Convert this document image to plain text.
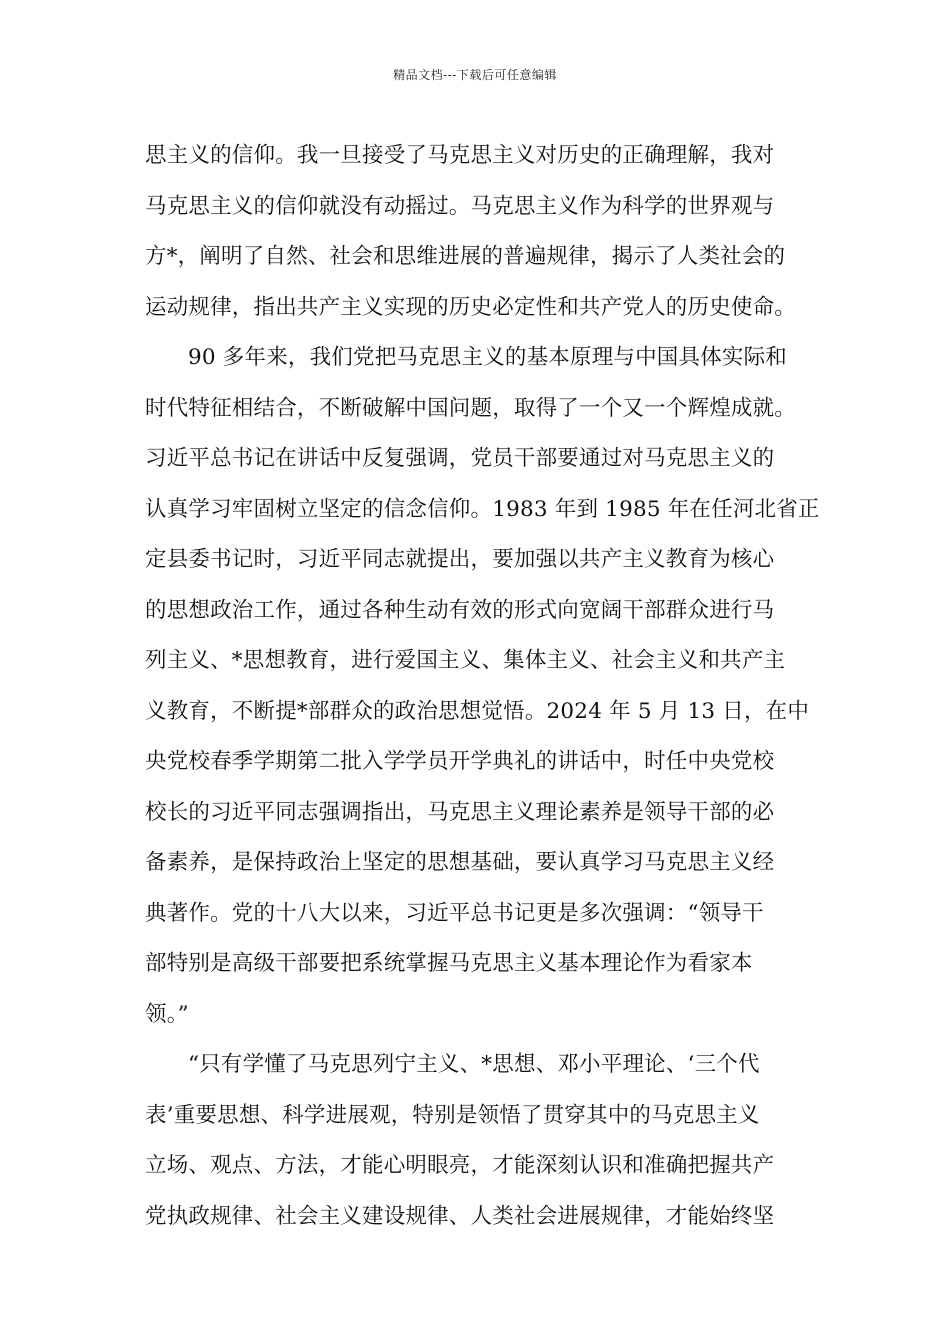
精品文档---下载后可任意编辑
思主义的信仰。我一旦接受了马克思主义对历史的正确理解，我对
马克思主义的信仰就没有动摇过。马克思主义作为科学的世界观与
方*，阐明了自然、社会和思维进展的普遍规律，揭示了人类社会的
运动规律，指出共产主义实现的历史必定性和共产党人的历史使命。
90 多年来，我们党把马克思主义的基本原理与中国具体实际和
时代特征相结合，不断破解中国问题，取得了一个又一个辉煌成就。
习近平总书记在讲话中反复强调，党员干部要通过对马克思主义的
认真学习牢固树立坚定的信念信仰。1983 年到 1985 年在任河北省正
定县委书记时，习近平同志就提出，要加强以共产主义教育为核心
的思想政治工作，通过各种生动有效的形式向宽阔干部群众进行马
列主义、*思想教育，进行爱国主义、集体主义、社会主义和共产主
义教育，不断提*部群众的政治思想觉悟。2024 年 5 月 13 日，在中
央党校春季学期第二批入学学员开学典礼的讲话中，时任中央党校
校长的习近平同志强调指出，马克思主义理论素养是领导干部的必
备素养，是保持政治上坚定的思想基础，要认真学习马克思主义经
典著作。党的十八大以来，习近平总书记更是多次强调：“领导干
部特别是高级干部要把系统掌握马克思主义基本理论作为看家本
领。”
“只有学懂了马克思列宁主义、*思想、邓小平理论、‘三个代
表’重要思想、科学进展观，特别是领悟了贯穿其中的马克思主义
立场、观点、方法，才能心明眼亮，才能深刻认识和准确把握共产
党执政规律、社会主义建设规律、人类社会进展规律，才能始终坚
